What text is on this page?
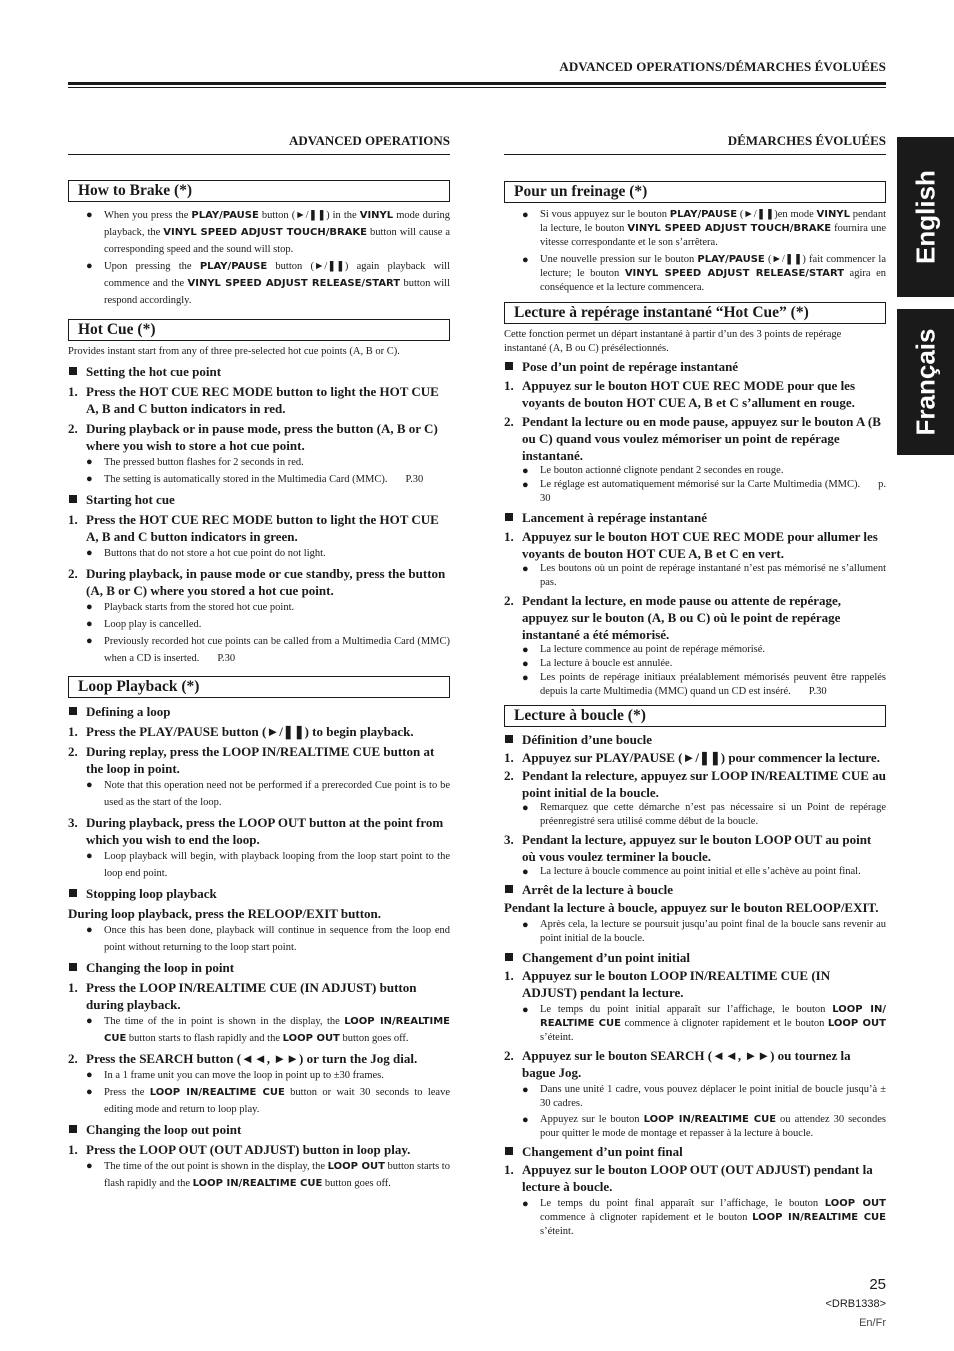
ADVANCED OPERATIONS/DÉMARCHES ÉVOLUÉES
English
Français
ADVANCED OPERATIONS
How to Brake (*)
●	When you press the PLAY/PAUSE button (►/❚❚) in the VINYL mode during playback, the VINYL SPEED ADJUST TOUCH/BRAKE button will cause a corresponding speed and the sound will stop.
●	Upon pressing the PLAY/PAUSE button (►/❚❚) again playback will commence and the VINYL SPEED ADJUST RELEASE/START button will respond accordingly.
Hot Cue (*)
Provides instant start from any of three pre-selected hot cue points (A, B or C).
Setting the hot cue point
1. Press the HOT CUE REC MODE button to light the HOT CUE A, B and C button indicators in red.
2. During playback or in pause mode, press the button (A, B or C) where you wish to store a hot cue point.
●	The pressed button flashes for 2 seconds in red.
●	The setting is automatically stored in the Multimedia Card (MMC). P.30
Starting hot cue
1. Press the HOT CUE REC MODE button to light the HOT CUE A, B and C button indicators in green.
●	Buttons that do not store a hot cue point do not light.
2. During playback, in pause mode or cue standby, press the button (A, B or C) where you stored a hot cue point.
●	Playback starts from the stored hot cue point.
●	Loop play is cancelled.
●	Previously recorded hot cue points can be called from a Multimedia Card (MMC) when a CD is inserted. P.30
Loop Playback (*)
Defining a loop
1. Press the PLAY/PAUSE button (►/❚❚) to begin playback.
2. During replay, press the LOOP IN/REALTIME CUE button at the loop in point.
●	Note that this operation need not be performed if a prerecorded Cue point is to be used as the start of the loop.
3. During playback, press the LOOP OUT button at the point from which you wish to end the loop.
●	Loop playback will begin, with playback looping from the loop start point to the loop end point.
Stopping loop playback
During loop playback, press the RELOOP/EXIT button.
●	Once this has been done, playback will continue in sequence from the loop end point without returning to the loop start point.
Changing the loop in point
1. Press the LOOP IN/REALTIME CUE (IN ADJUST) button during playback.
●	The time of the in point is shown in the display, the LOOP IN/REALTIME CUE button starts to flash rapidly and the LOOP OUT button goes off.
2. Press the SEARCH button (◄◄, ►►) or turn the Jog dial.
●	In a 1 frame unit you can move the loop in point up to ±30 frames.
●	Press the LOOP IN/REALTIME CUE button or wait 30 seconds to leave editing mode and return to loop play.
Changing the loop out point
1. Press the LOOP OUT (OUT ADJUST) button in loop play.
●	The time of the out point is shown in the display, the LOOP OUT button starts to flash rapidly and the LOOP IN/REALTIME CUE button goes off.
DÉMARCHES ÉVOLUÉES
Pour un freinage (*)
●	Si vous appuyez sur le bouton PLAY/PAUSE (►/❚❚)en mode VINYL pendant la lecture, le bouton VINYL SPEED ADJUST TOUCH/BRAKE fournira une vitesse correspondante et le son s’arrêtera.
●	Une nouvelle pression sur le bouton PLAY/PAUSE (►/❚❚) fait commencer la lecture; le bouton VINYL SPEED ADJUST RELEASE/START agira en conséquence et la lecture commencera.
Lecture à repérage instantané “Hot Cue” (*)
Cette fonction permet un départ instantané à partir d’un des 3 points de repérage instantané (A, B ou C) présélectionnés.
Pose d’un point de repérage instantané
1. Appuyez sur le bouton HOT CUE REC MODE pour que les voyants de bouton HOT CUE A, B et C s’allument en rouge.
2. Pendant la lecture ou en mode pause, appuyez sur le bouton A (B ou C) quand vous voulez mémoriser un point de repérage instantané.
●	Le bouton actionné clignote pendant 2 secondes en rouge.
●	Le réglage est automatiquement mémorisé sur la Carte Multimedia (MMC). p. 30
Lancement à repérage instantané
1. Appuyez sur le bouton HOT CUE REC MODE pour allumer les voyants de bouton HOT CUE A, B et C en vert.
●	Les boutons où un point de repérage instantané n’est pas mémorisé ne s’allument pas.
2. Pendant la lecture, en mode pause ou attente de repérage, appuyez sur le bouton (A, B ou C) où le point de repérage instantané a été mémorisé.
●	La lecture commence au point de repérage mémorisé.
●	La lecture à boucle est annulée.
●	Les points de repérage initiaux préalablement mémorisés peuvent être rappelés depuis la carte Multimedia (MMC) quand un CD est inséré. P.30
Lecture à boucle (*)
Définition d’une boucle
1. Appuyez sur PLAY/PAUSE (►/❚❚) pour commencer la lecture.
2. Pendant la relecture, appuyez sur LOOP IN/REALTIME CUE au point initial de la boucle.
●	Remarquez que cette démarche n’est pas nécessaire si un Point de repérage préenregistré sera utilisé comme début de la boucle.
3. Pendant la lecture, appuyez sur le bouton LOOP OUT au point où vous voulez terminer la boucle.
●	La lecture à boucle commence au point initial et elle s’achève au point final.
Arrêt de la lecture à boucle
Pendant la lecture à boucle, appuyez sur le bouton RELOOP/EXIT.
●	Après cela, la lecture se poursuit jusqu’au point final de la boucle sans revenir au point initial de la boucle.
Changement d’un point initial
1. Appuyez sur le bouton LOOP IN/REALTIME CUE (IN ADJUST) pendant la lecture.
●	Le temps du point initial apparaît sur l’affichage, le bouton LOOP IN/ REALTIME CUE commence à clignoter rapidement et le bouton LOOP OUT s’éteint.
2. Appuyez sur le bouton SEARCH (◄◄, ►►) ou tournez la bague Jog.
●	Dans une unité 1 cadre, vous pouvez déplacer le point initial de boucle jusqu’à ± 30 cadres.
●	Appuyez sur le bouton LOOP IN/REALTIME CUE ou attendez 30 secondes pour quitter le mode de montage et repasser à la lecture à boucle.
Changement d’un point final
1. Appuyez sur le bouton LOOP OUT (OUT ADJUST) pendant la lecture à boucle.
●	Le temps du point final apparaît sur l’affichage, le bouton LOOP OUT commence à clignoter rapidement et le bouton LOOP IN/REALTIME CUE s’éteint.
25
<DRB1338>
En/Fr
